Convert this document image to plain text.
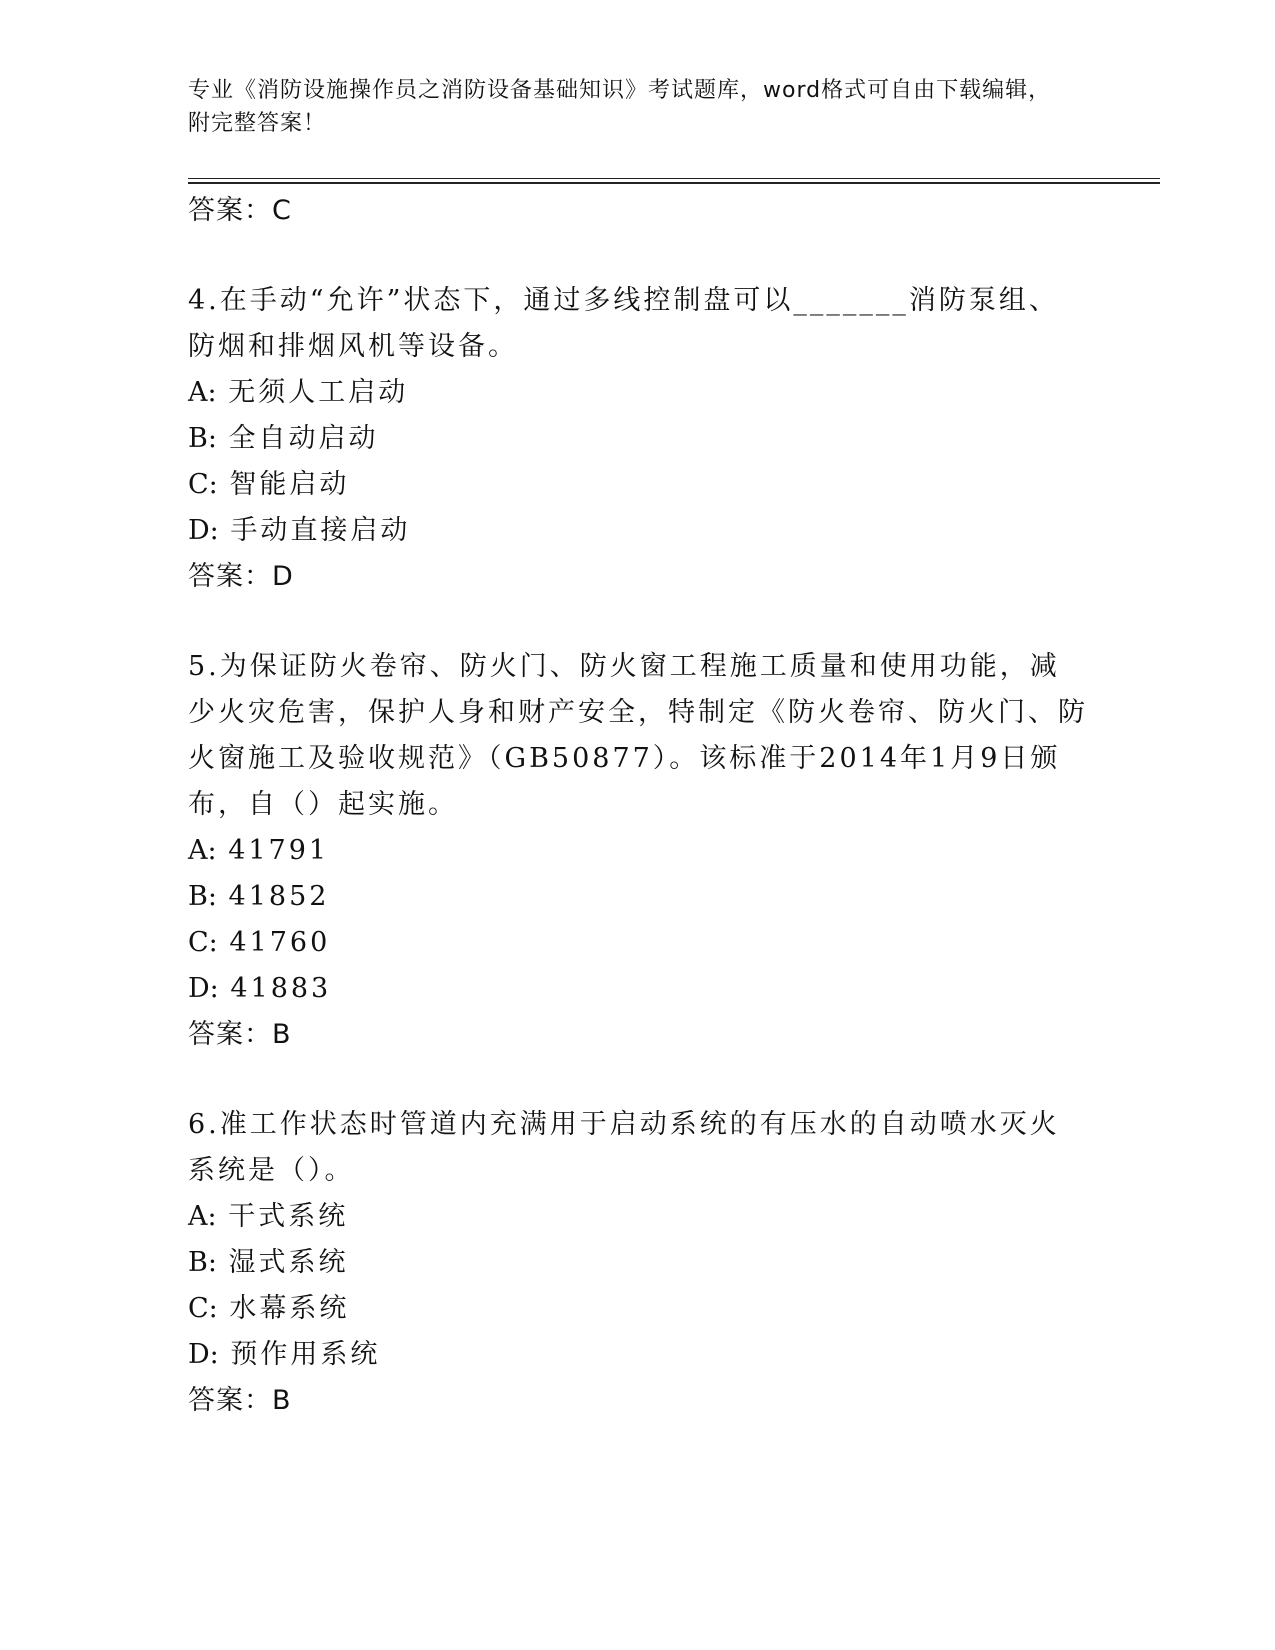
专业《消防设施操作员之消防设备基础知识》考试题库，word格式可自由下载编辑，附完整答案！
答案：C
4.在手动“允许”状态下，通过多线控制盘可以_______消防泵组、防烟和排烟风机等设备。
A: 无须人工启动
B: 全自动启动
C: 智能启动
D: 手动直接启动
答案：D
5.为保证防火卷帘、防火门、防火窗工程施工质量和使用功能，减少火灾危害，保护人身和财产安全，特制定《防火卷帘、防火门、防火窗施工及验收规范》（GB50877）。该标准于2014年1月9日颁布，自（）起实施。
A: 41791
B: 41852
C: 41760
D: 41883
答案：B
6.准工作状态时管道内充满用于启动系统的有压水的自动喷水灭火系统是（）。
A: 干式系统
B: 湿式系统
C: 水幕系统
D: 预作用系统
答案：B
